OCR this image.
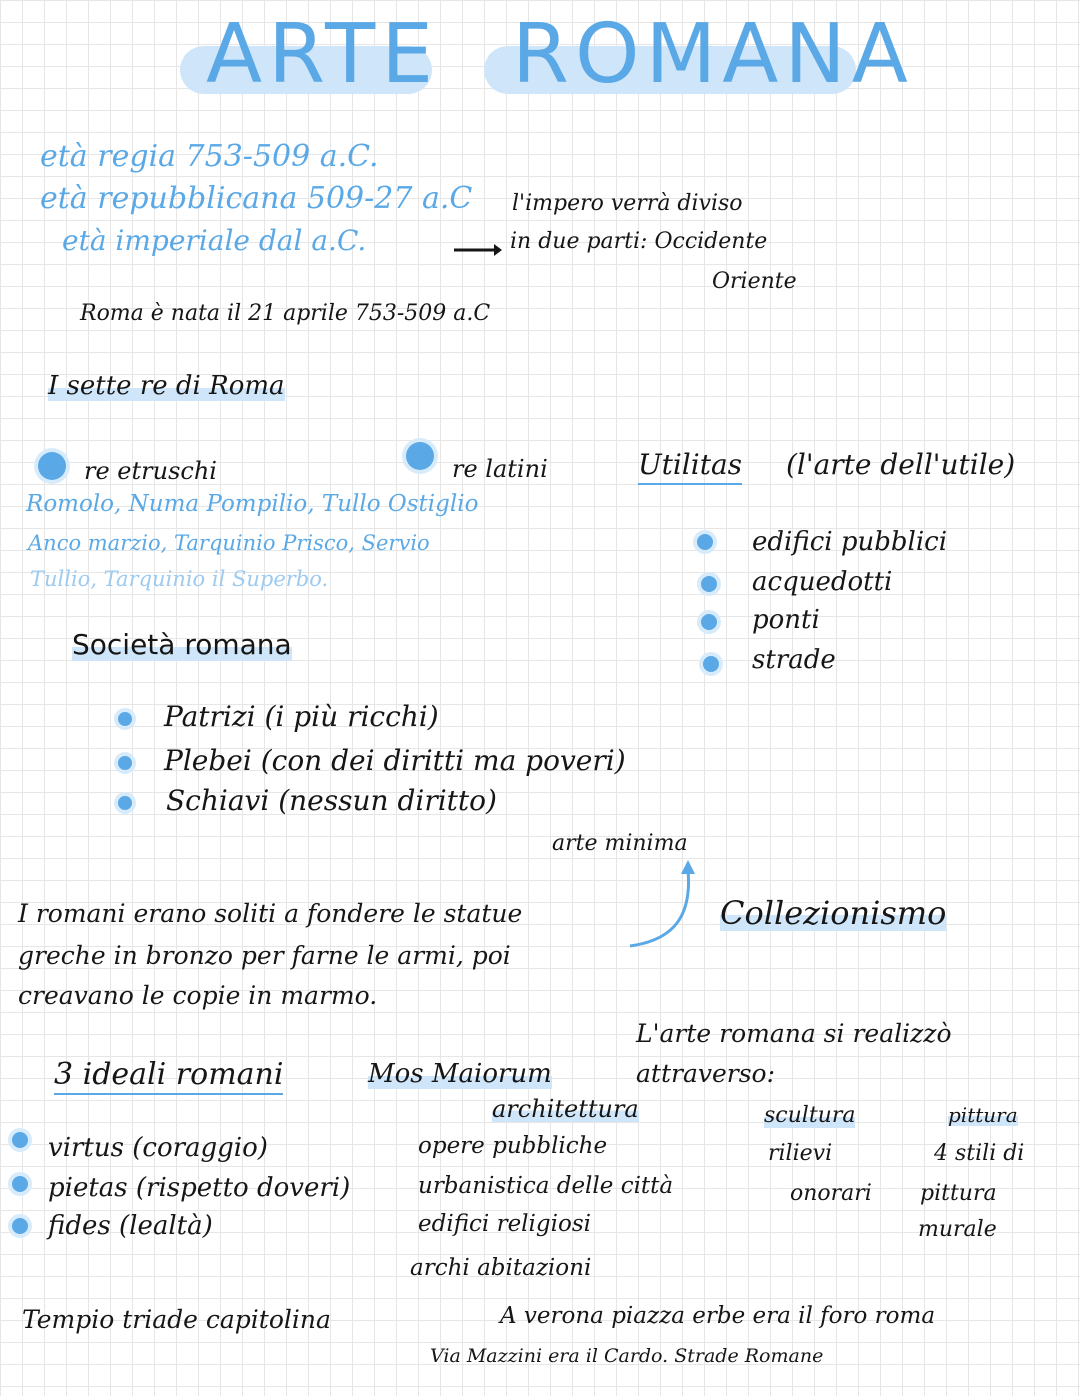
ARTE ROMANA
età regia 753-509 a.C.
età repubblicana 509-27 a.C
età imperiale dal a.C.
l'impero verrà diviso
in due parti: Occidente
Oriente
Roma è nata il 21 aprile 753-509 a.C
I sette re di Roma
re etruschi	re latini
Romolo, Numa Pompilio, Tullo Ostiglio
Anco marzio, Tarquinio Prisco, Servio
Tullio, Tarquinio il Superbo.
Utilitas (l'arte dell'utile)
edifici pubblici
acquedotti
ponti
strade
Società romana
Patrizi (i più ricchi)
Plebei (con dei diritti ma poveri)
Schiavi (nessun diritto)
arte minima
I romani erano soliti a fondere le statue
greche in bronzo per farne le armi, poi
creavano le copie in marmo.
Collezionismo
L'arte romana si realizzò
attraverso:
3 ideali romani	Mos Maiorum
virtus (coraggio)
pietas (rispetto doveri)
fides (lealtà)
architettura
opere pubbliche
urbanistica delle città
edifici religiosi
archi abitazioni
scultura
rilievi
onorari
pittura
4 stili di
pittura
murale
Tempio triade capitolina	A verona piazza erbe era il foro roma
Via Mazzini era il Cardo. Strade Romane
